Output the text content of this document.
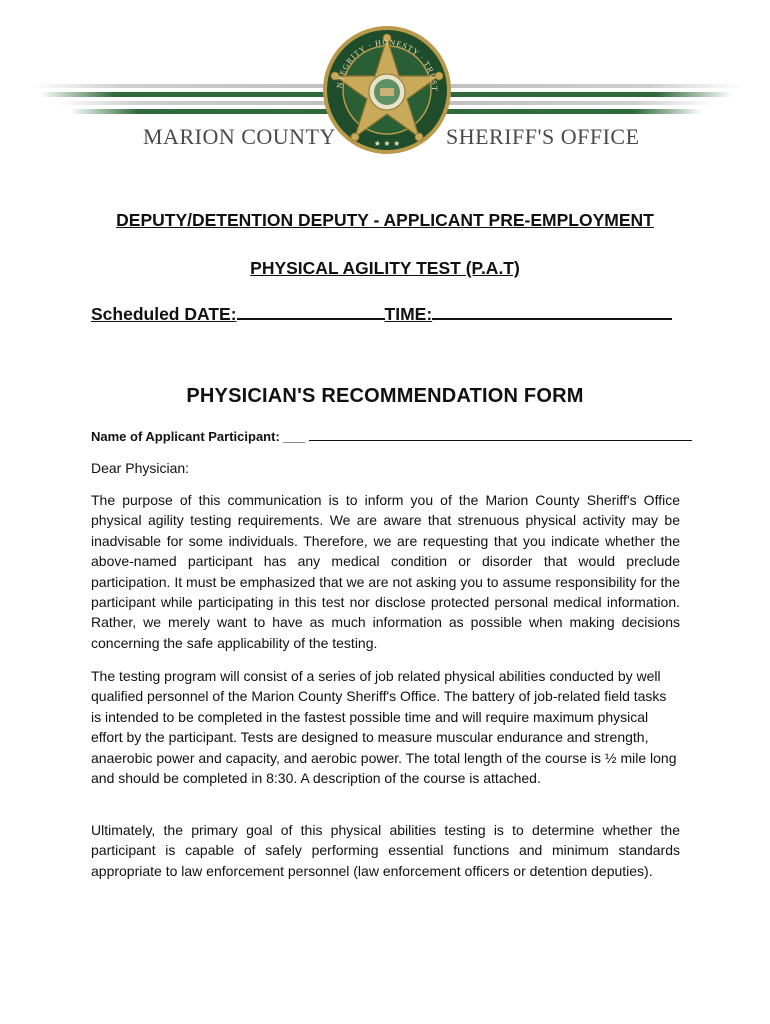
NTEGRITY · HONESTY · TRUST
★ ★ ★
MARION COUNTY	SHERIFF'S OFFICE
DEPUTY/DETENTION DEPUTY - APPLICANT PRE-EMPLOYMENT
PHYSICAL AGILITY TEST (P.A.T)
Scheduled DATE:	TIME:
PHYSICIAN'S RECOMMENDATION FORM
Name of Applicant Participant: ___
Dear Physician:
The purpose of this communication is to inform you of the Marion County Sheriff's Office physical agility testing requirements. We are aware that strenuous physical activity may be inadvisable for some individuals. Therefore, we are requesting that you indicate whether the above-named participant has any medical condition or disorder that would preclude participation. It must be emphasized that we are not asking you to assume responsibility for the participant while participating in this test nor disclose protected personal medical information. Rather, we merely want to have as much information as possible when making decisions concerning the safe applicability of the testing.
The testing program will consist of a series of job related physical abilities conducted by well qualified personnel of the Marion County Sheriff's Office. The battery of job-related field tasks is intended to be completed in the fastest possible time and will require maximum physical effort by the participant. Tests are designed to measure muscular endurance and strength, anaerobic power and capacity, and aerobic power. The total length of the course is ½ mile long and should be completed in 8:30. A description of the course is attached.
Ultimately, the primary goal of this physical abilities testing is to determine whether the participant is capable of safely performing essential functions and minimum standards appropriate to law enforcement personnel (law enforcement officers or detention deputies).
